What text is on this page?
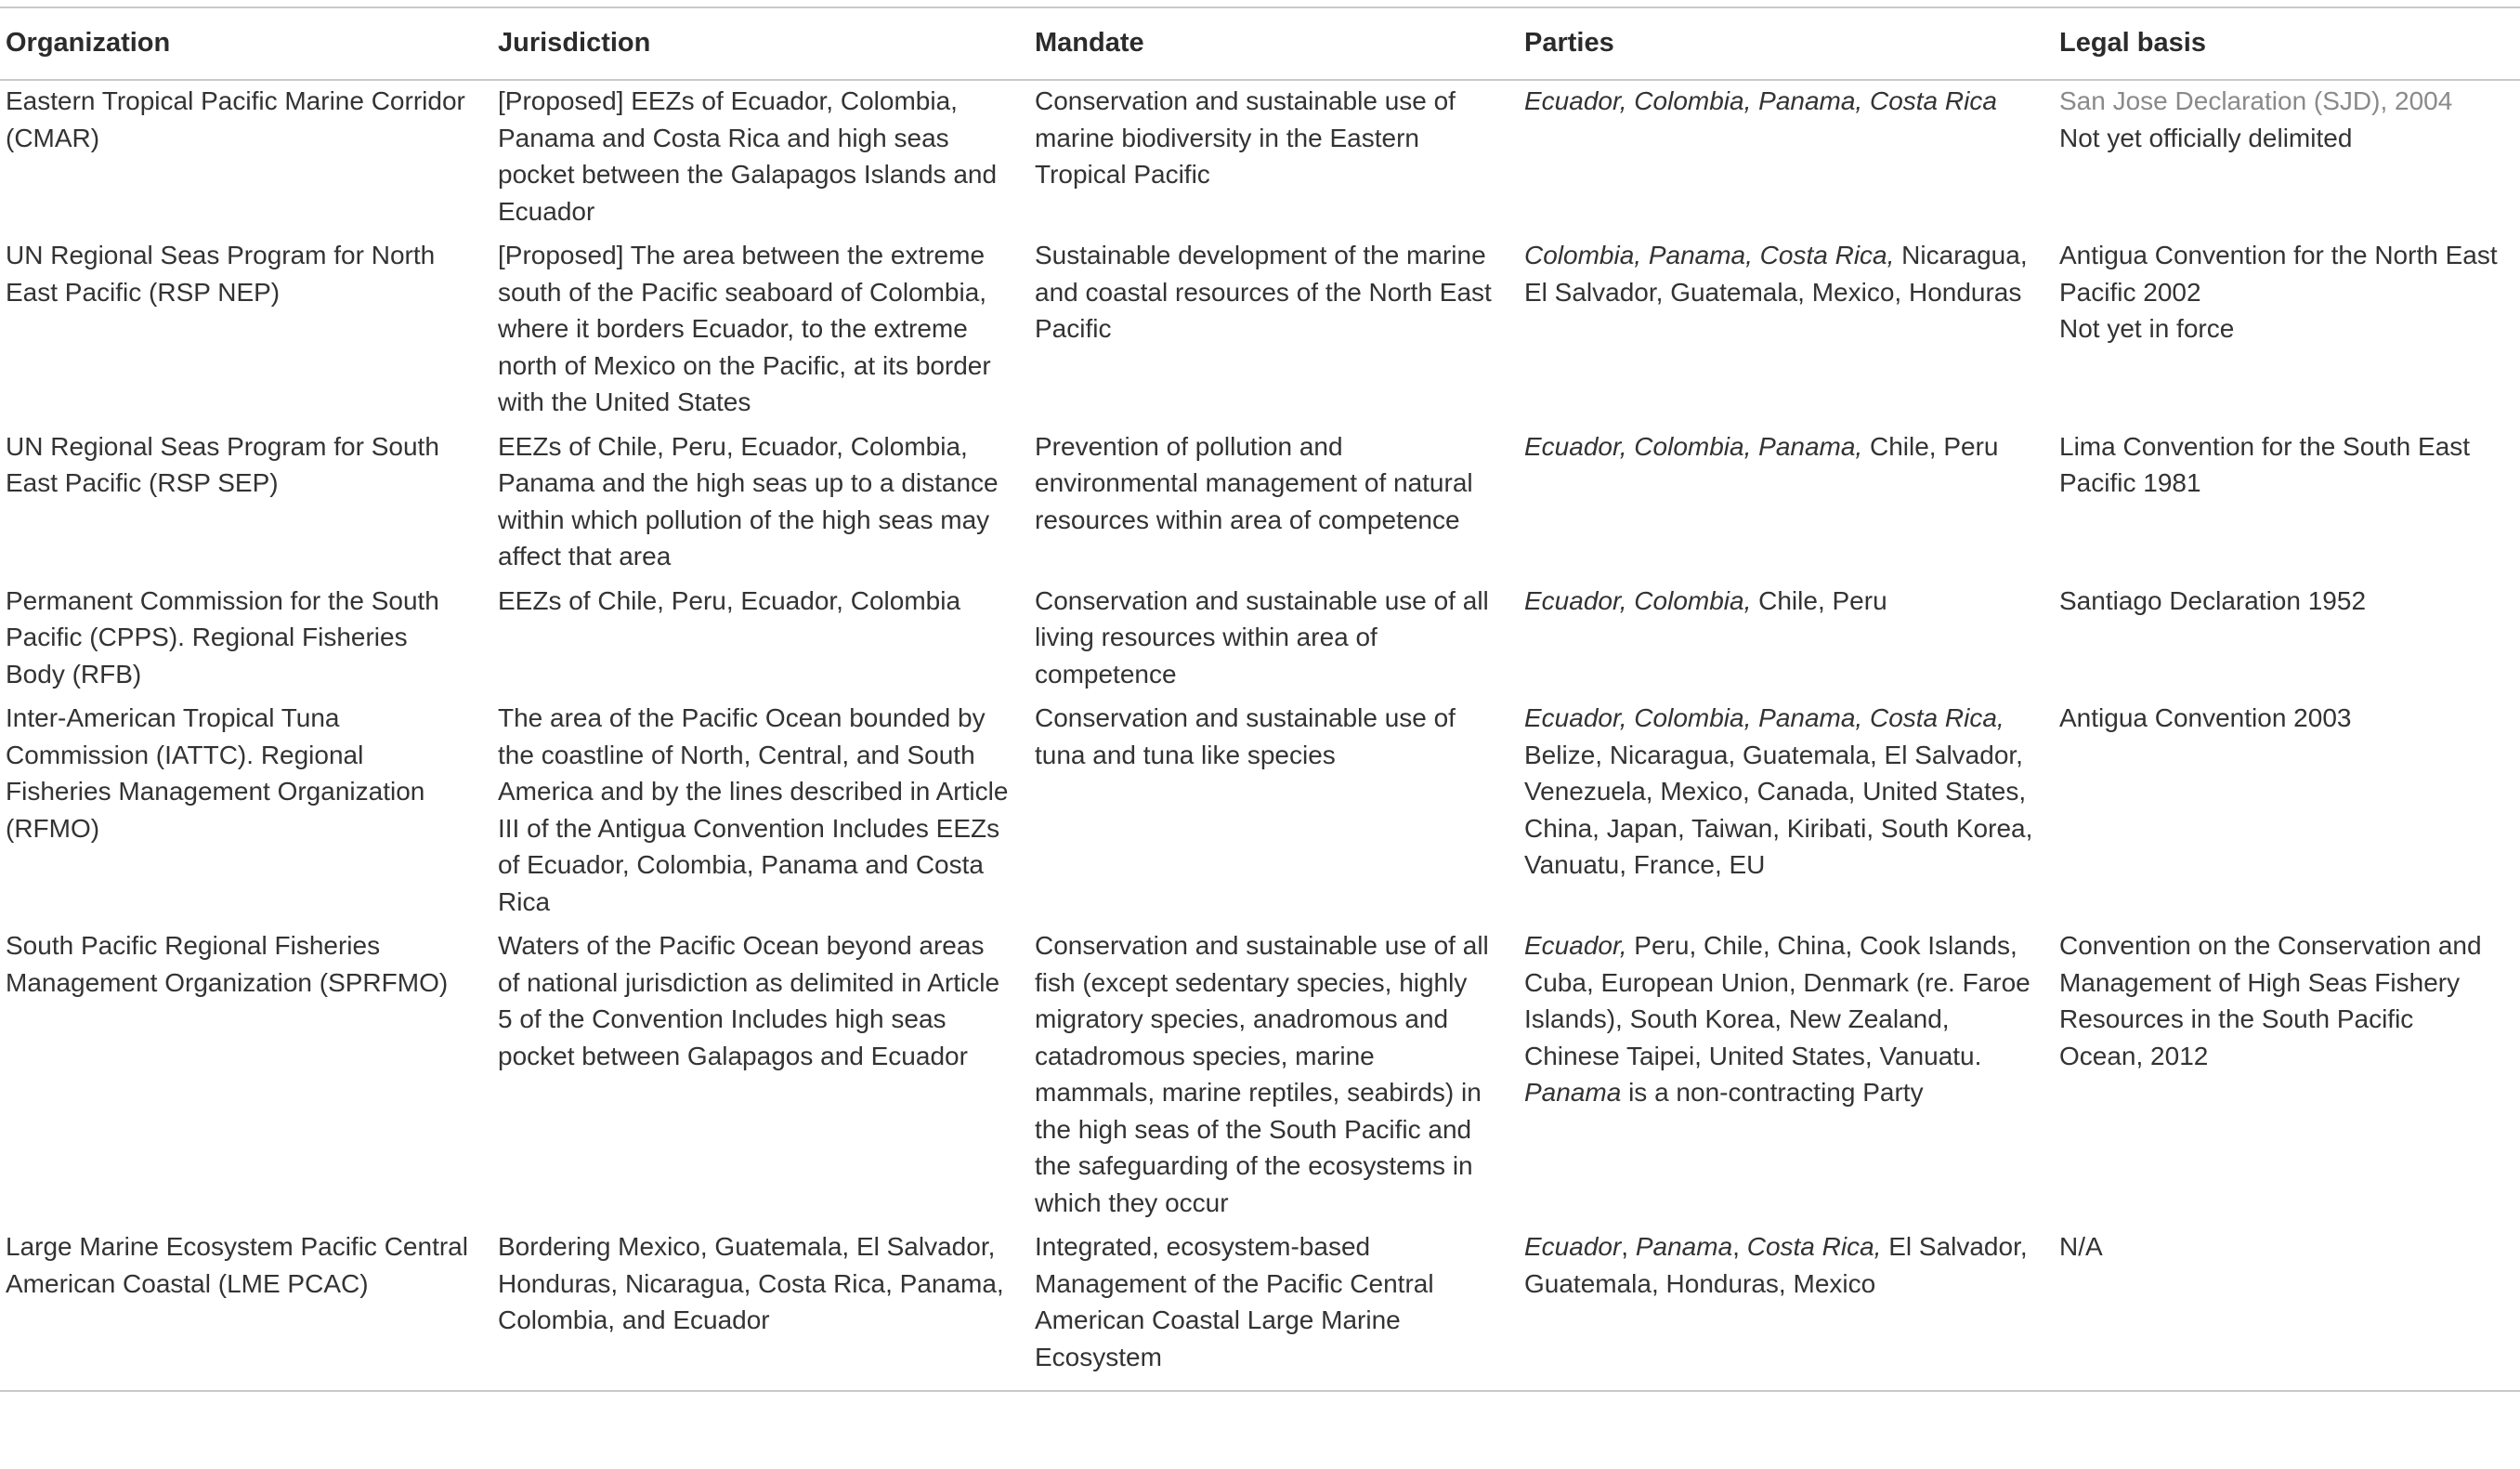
Organization	Jurisdiction	Mandate	Parties	Legal basis
Eastern Tropical Pacific Marine Corridor (CMAR)	[Proposed] EEZs of Ecuador, Colombia, Panama and Costa Rica and high seas pocket between the Galapagos Islands and Ecuador	Conservation and sustainable use of marine biodiversity in the Eastern Tropical Pacific	Ecuador, Colombia, Panama, Costa Rica	San Jose Declaration (SJD), 2004
Not yet officially delimited

UN Regional Seas Program for North East Pacific (RSP NEP)	[Proposed] The area between the extreme south of the Pacific seaboard of Colombia, where it borders Ecuador, to the extreme north of Mexico on the Pacific, at its border with the United States	Sustainable development of the marine and coastal resources of the North East Pacific	Colombia, Panama, Costa Rica, Nicaragua, El Salvador, Guatemala, Mexico, Honduras	Antigua Convention for the North East Pacific 2002
Not yet in force

UN Regional Seas Program for South East Pacific (RSP SEP)	EEZs of Chile, Peru, Ecuador, Colombia, Panama and the high seas up to a distance within which pollution of the high seas may affect that area	Prevention of pollution and environmental management of natural resources within area of competence	Ecuador, Colombia, Panama, Chile, Peru	Lima Convention for the South East Pacific 1981

Permanent Commission for the South Pacific (CPPS). Regional Fisheries Body (RFB)	EEZs of Chile, Peru, Ecuador, Colombia	Conservation and sustainable use of all living resources within area of competence	Ecuador, Colombia, Chile, Peru	Santiago Declaration 1952

Inter-American Tropical Tuna Commission (IATTC). Regional Fisheries Management Organization (RFMO)	The area of the Pacific Ocean bounded by the coastline of North, Central, and South America and by the lines described in Article III of the Antigua Convention Includes EEZs of Ecuador, Colombia, Panama and Costa Rica	Conservation and sustainable use of tuna and tuna like species	Ecuador, Colombia, Panama, Costa Rica, Belize, Nicaragua, Guatemala, El Salvador, Venezuela, Mexico, Canada, United States, China, Japan, Taiwan, Kiribati, South Korea, Vanuatu, France, EU	Antigua Convention 2003

South Pacific Regional Fisheries Management Organization (SPRFMO)	Waters of the Pacific Ocean beyond areas of national jurisdiction as delimited in Article 5 of the Convention Includes high seas pocket between Galapagos and Ecuador	Conservation and sustainable use of all fish (except sedentary species, highly migratory species, anadromous and catadromous species, marine mammals, marine reptiles, seabirds) in the high seas of the South Pacific and the safeguarding of the ecosystems in which they occur	Ecuador, Peru, Chile, China, Cook Islands, Cuba, European Union, Denmark (re. Faroe Islands), South Korea, New Zealand, Chinese Taipei, United States, Vanuatu. Panama is a non-contracting Party	Convention on the Conservation and Management of High Seas Fishery Resources in the South Pacific Ocean, 2012

Large Marine Ecosystem Pacific Central American Coastal (LME PCAC)	Bordering Mexico, Guatemala, El Salvador, Honduras, Nicaragua, Costa Rica, Panama, Colombia, and Ecuador	Integrated, ecosystem-based Management of the Pacific Central American Coastal Large Marine Ecosystem	Ecuador, Panama, Costa Rica, El Salvador, Guatemala, Honduras, Mexico	N/A
